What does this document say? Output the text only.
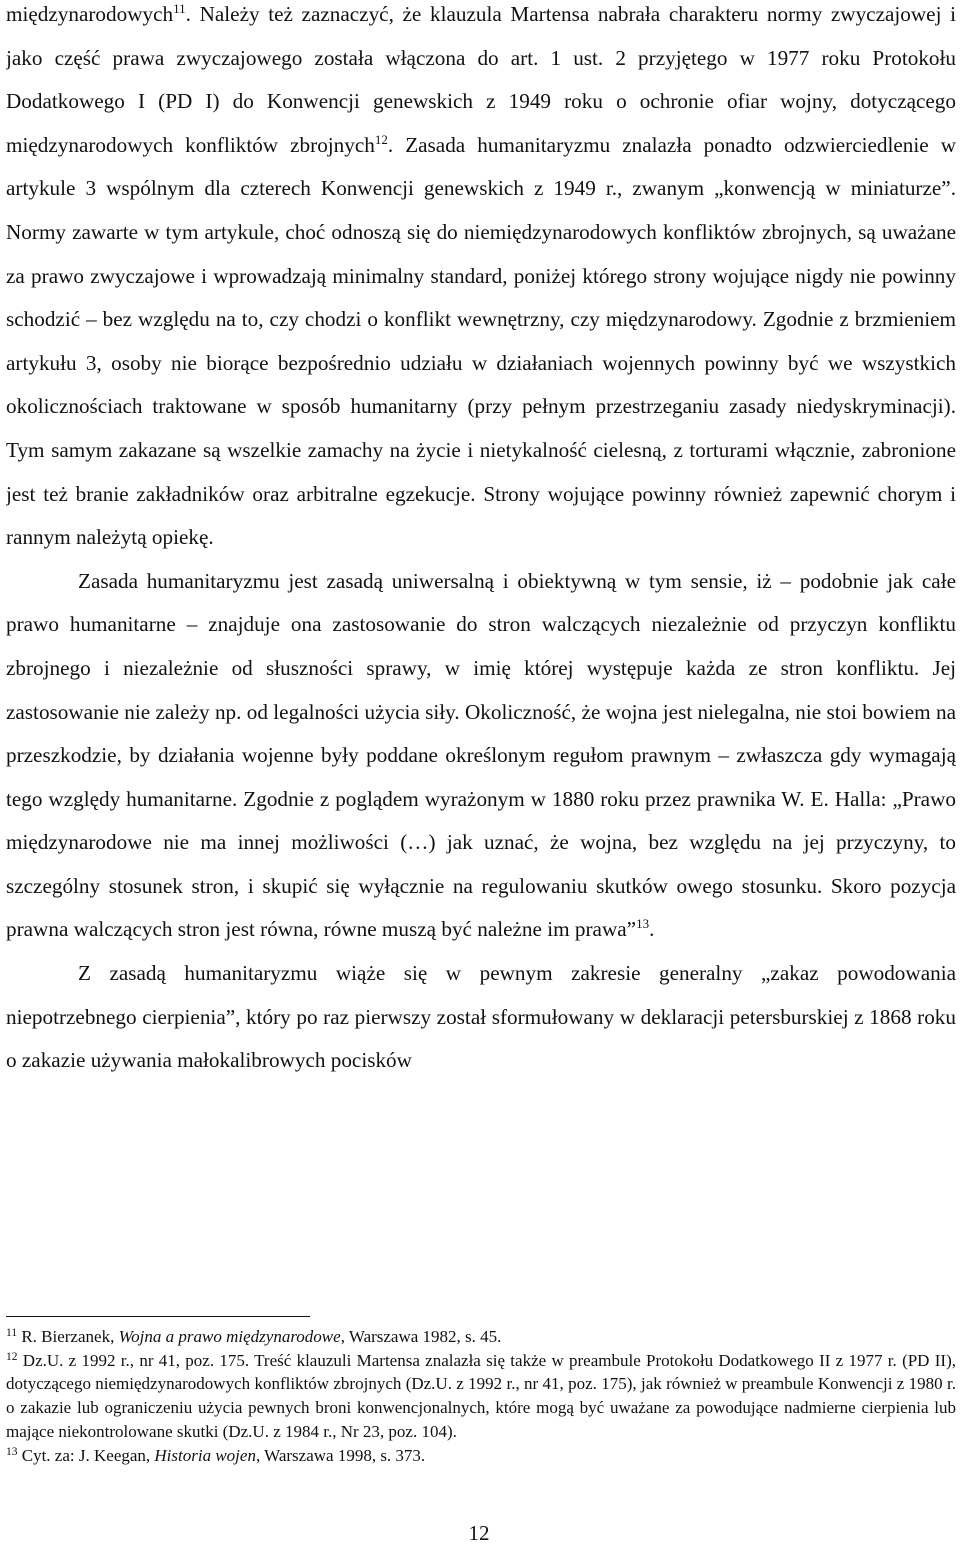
międzynarodowych$^{11}$. Należy też zaznaczyć, że klauzula Martensa nabrała charakteru normy zwyczajowej i jako część prawa zwyczajowego została włączona do art. 1 ust. 2 przyjętego w 1977 roku Protokołu Dodatkowego I (PD I) do Konwencji genewskich z 1949 roku o ochronie ofiar wojny, dotyczącego międzynarodowych konfliktów zbrojnych$^{12}$. Zasada humanitaryzmu znalazła ponadto odzwierciedlenie w artykule 3 wspólnym dla czterech Konwencji genewskich z 1949 r., zwanym „konwencją w miniaturze”. Normy zawarte w tym artykule, choć odnoszą się do niemiędzynarodowych konfliktów zbrojnych, są uważane za prawo zwyczajowe i wprowadzają minimalny standard, poniżej którego strony wojujące nigdy nie powinny schodzić – bez względu na to, czy chodzi o konflikt wewnętrzny, czy międzynarodowy. Zgodnie z brzmieniem artykułu 3, osoby nie biorące bezpośrednio udziału w działaniach wojennych powinny być we wszystkich okolicznościach traktowane w sposób humanitarny (przy pełnym przestrzeganiu zasady niedyskryminacji). Tym samym zakazane są wszelkie zamachy na życie i nietykalność cielesną, z torturami włącznie, zabronione jest też branie zakładników oraz arbitralne egzekucje. Strony wojujące powinny również zapewnić chorym i rannym należytą opiekę.

Zasada humanitaryzmu jest zasadą uniwersalną i obiektywną w tym sensie, iż – podobnie jak całe prawo humanitarne – znajduje ona zastosowanie do stron walczących niezależnie od przyczyn konfliktu zbrojnego i niezależnie od słuszności sprawy, w imię której występuje każda ze stron konfliktu. Jej zastosowanie nie zależy np. od legalności użycia siły. Okoliczność, że wojna jest nielegalna, nie stoi bowiem na przeszkodzie, by działania wojenne były poddane określonym regułom prawnym – zwłaszcza gdy wymagają tego względy humanitarne. Zgodnie z poglądem wyrażonym w 1880 roku przez prawnika W. E. Halla: „Prawo międzynarodowe nie ma innej możliwości (…) jak uznać, że wojna, bez względu na jej przyczyny, to szczególny stosunek stron, i skupić się wyłącznie na regulowaniu skutków owego stosunku. Skoro pozycja prawna walczących stron jest równa, równe muszą być należne im prawa”$^{13}$.

Z zasadą humanitaryzmu wiąże się w pewnym zakresie generalny „zakaz powodowania niepotrzebnego cierpienia”, który po raz pierwszy został sformułowany w deklaracji petersburskiej z 1868 roku o zakazie używania małokalibrowych pocisków

$^{11}$ R. Bierzanek, Wojna a prawo międzynarodowe, Warszawa 1982, s. 45.

$^{12}$ Dz.U. z 1992 r., nr 41, poz. 175. Treść klauzuli Martensa znalazła się także w preambule Protokołu Dodatkowego II z 1977 r. (PD II), dotyczącego niemiędzynarodowych konfliktów zbrojnych (Dz.U. z 1992 r., nr 41, poz. 175), jak również w preambule Konwencji z 1980 r. o zakazie lub ograniczeniu użycia pewnych broni konwencjonalnych, które mogą być uważane za powodujące nadmierne cierpienia lub mające niekontrolowane skutki (Dz.U. z 1984 r., Nr 23, poz. 104).

$^{13}$ Cyt. za: J. Keegan, Historia wojen, Warszawa 1998, s. 373.

12
